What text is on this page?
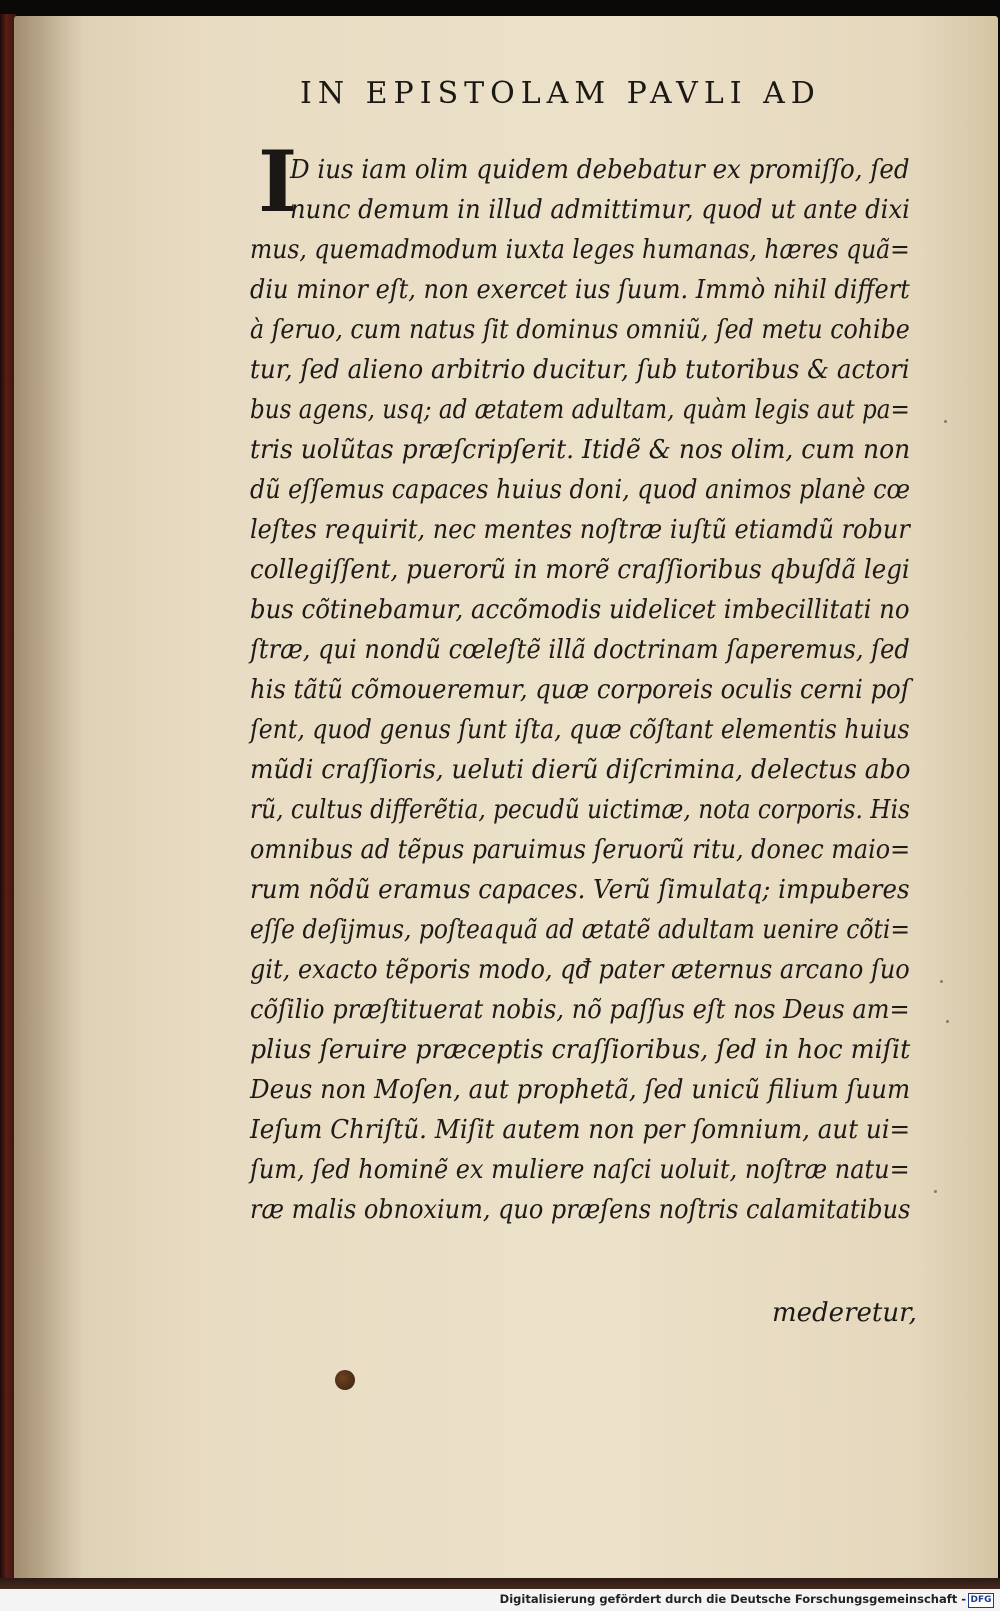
IN EPISTOLAM PAVLI AD
I
D ius iam olim quidem debebatur ex promiſſo, ſed
nunc demum in illud admittimur, quod ut ante dixi
mus, quemadmodum iuxta leges humanas, hæres quã=
diu minor eſt, non exercet ius ſuum. Immò nihil differt
à ſeruo, cum natus ſit dominus omniũ, ſed metu cohibe
tur, ſed alieno arbitrio ducitur, ſub tutoribus & actori
bus agens, usq; ad ætatem adultam, quàm legis aut pa=
tris uolũtas præſcripſerit. Itidẽ & nos olim, cum non
dũ eſſemus capaces huius doni, quod animos planè cœ
leſtes requirit, nec mentes noſtræ iuſtũ etiamdũ robur
collegiſſent, puerorũ in morẽ craſſioribus qbuſdã legi
bus cõtinebamur, accõmodis uidelicet imbecillitati no
ſtræ, qui nondũ cœleſtẽ illã doctrinam ſaperemus, ſed
his tãtũ cõmoueremur, quæ corporeis oculis cerni poſ
ſent, quod genus ſunt iſta, quæ cõſtant elementis huius
mũdi craſſioris, ueluti dierũ diſcrimina, delectus abo
rũ, cultus differẽtia, pecudũ uictimæ, nota corporis. His
omnibus ad tẽpus paruimus ſeruorũ ritu, donec maio=
rum nõdũ eramus capaces. Verũ ſimulatq; impuberes
eſſe deſijmus, poſteaquã ad ætatẽ adultam uenire cõti=
git, exacto tẽporis modo, qđ pater æternus arcano ſuo
cõſilio præſtituerat nobis, nõ paſſus eſt nos Deus am=
plius ſeruire præceptis craſſioribus, ſed in hoc miſit
Deus non Moſen, aut prophetã, ſed unicũ filium ſuum
Ieſum Chriſtũ. Miſit autem non per ſomnium, aut ui=
ſum, ſed hominẽ ex muliere naſci uoluit, noſtræ natu=
ræ malis obnoxium, quo præſens noſtris calamitatibus
mederetur,
Digitalisierung gefördert durch die Deutsche Forschungsgemeinschaft - DFG
